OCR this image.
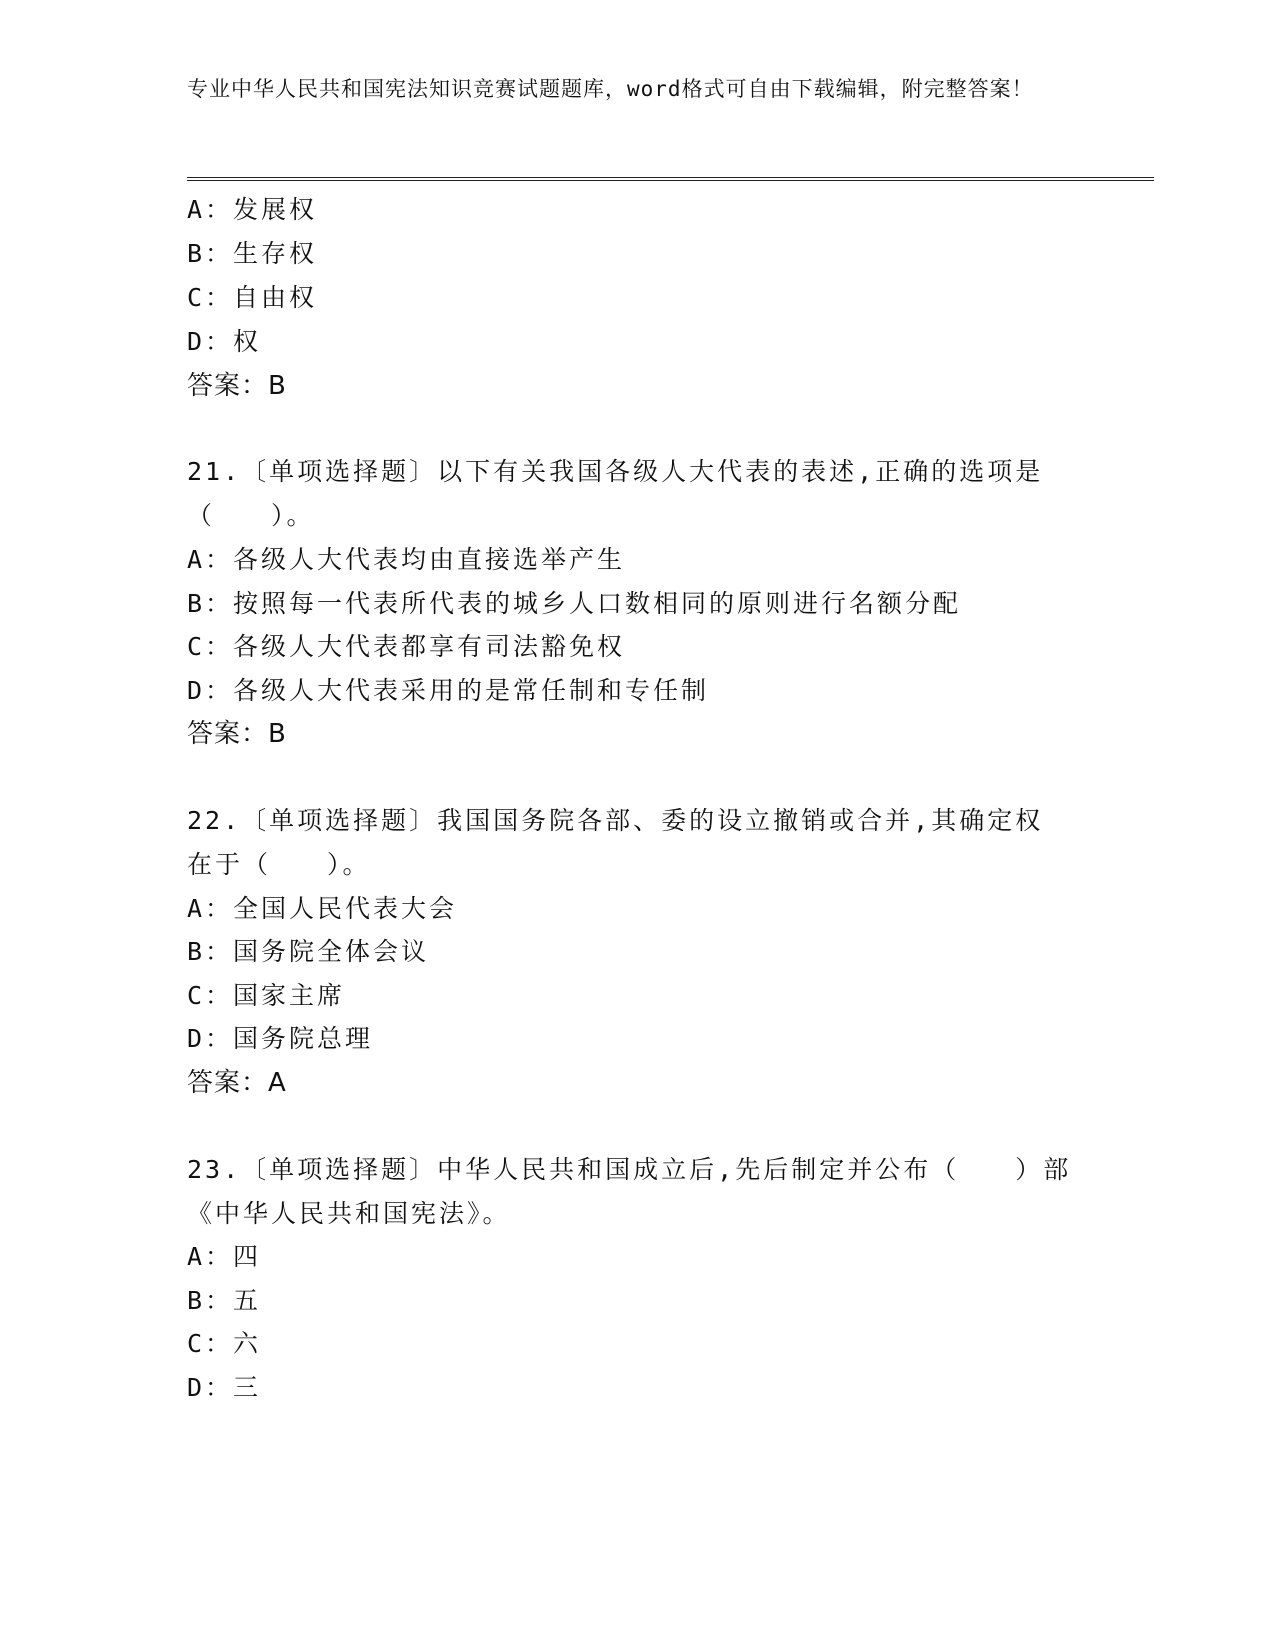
专业中华人民共和国宪法知识竞赛试题题库，word格式可自由下载编辑，附完整答案！
A：发展权
B：生存权
C：自由权
D：权
答案：B
21.〔单项选择题〕以下有关我国各级人大代表的表述,正确的选项是
（　　）。
A：各级人大代表均由直接选举产生
B：按照每一代表所代表的城乡人口数相同的原则进行名额分配
C：各级人大代表都享有司法豁免权
D：各级人大代表采用的是常任制和专任制
答案：B
22.〔单项选择题〕我国国务院各部、委的设立撤销或合并,其确定权
在于（　　）。
A：全国人民代表大会
B：国务院全体会议
C：国家主席
D：国务院总理
答案：A
23.〔单项选择题〕中华人民共和国成立后,先后制定并公布（　　）部
《中华人民共和国宪法》。
A：四
B：五
C：六
D：三
